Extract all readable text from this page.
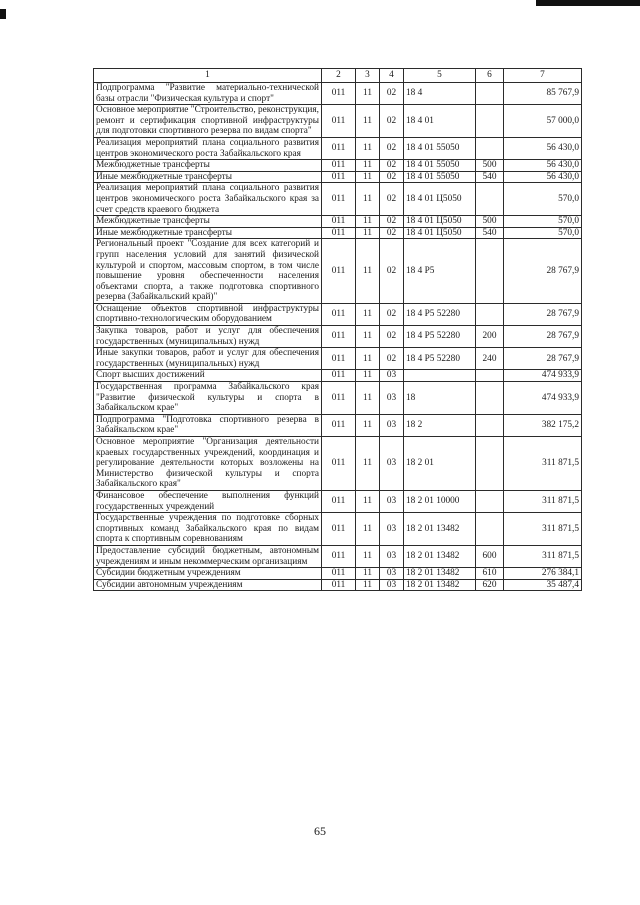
1	2	3	4	5	6	7
Подпрограмма "Развитие материально-технической базы отрасли "Физическая культура и спорт"	011	11	02	18 4		85 767,9
Основное мероприятие "Строительство, реконструкция, ремонт и сертификация спортивной инфраструктуры для подготовки спортивного резерва по видам спорта"	011	11	02	18 4 01		57 000,0
Реализация мероприятий плана социального развития центров экономического роста Забайкальского края	011	11	02	18 4 01 55050		56 430,0
Межбюджетные трансферты	011	11	02	18 4 01 55050	500	56 430,0
Иные межбюджетные трансферты	011	11	02	18 4 01 55050	540	56 430,0
Реализация мероприятий плана социального развития центров экономического роста Забайкальского края за счет средств краевого бюджета	011	11	02	18 4 01 Ц5050		570,0
Межбюджетные трансферты	011	11	02	18 4 01 Ц5050	500	570,0
Иные межбюджетные трансферты	011	11	02	18 4 01 Ц5050	540	570,0
Региональный проект "Создание для всех категорий и групп населения условий для занятий физической культурой и спортом, массовым спортом, в том числе повышение уровня обеспеченности населения объектами спорта, а также подготовка спортивного резерва (Забайкальский край)"	011	11	02	18 4 P5		28 767,9
Оснащение объектов спортивной инфраструктуры спортивно-технологическим оборудованием	011	11	02	18 4 P5 52280		28 767,9
Закупка товаров, работ и услуг для обеспечения государственных (муниципальных) нужд	011	11	02	18 4 P5 52280	200	28 767,9
Иные закупки товаров, работ и услуг для обеспечения государственных (муниципальных) нужд	011	11	02	18 4 P5 52280	240	28 767,9
Спорт высших достижений	011	11	03			474 933,9
Государственная программа Забайкальского края "Развитие физической культуры и спорта в Забайкальском крае"	011	11	03	18		474 933,9
Подпрограмма "Подготовка спортивного резерва в Забайкальском крае"	011	11	03	18 2		382 175,2
Основное мероприятие "Организация деятельности краевых государственных учреждений, координация и регулирование деятельности которых возложены на Министерство физической культуры и спорта Забайкальского края"	011	11	03	18 2 01		311 871,5
Финансовое обеспечение выполнения функций государственных учреждений	011	11	03	18 2 01 10000		311 871,5
Государственные учреждения по подготовке сборных спортивных команд Забайкальского края по видам спорта к спортивным соревнованиям	011	11	03	18 2 01 13482		311 871,5
Предоставление субсидий бюджетным, автономным учреждениям и иным некоммерческим организациям	011	11	03	18 2 01 13482	600	311 871,5
Субсидии бюджетным учреждениям	011	11	03	18 2 01 13482	610	276 384,1
Субсидии автономным учреждениям	011	11	03	18 2 01 13482	620	35 487,4
65
